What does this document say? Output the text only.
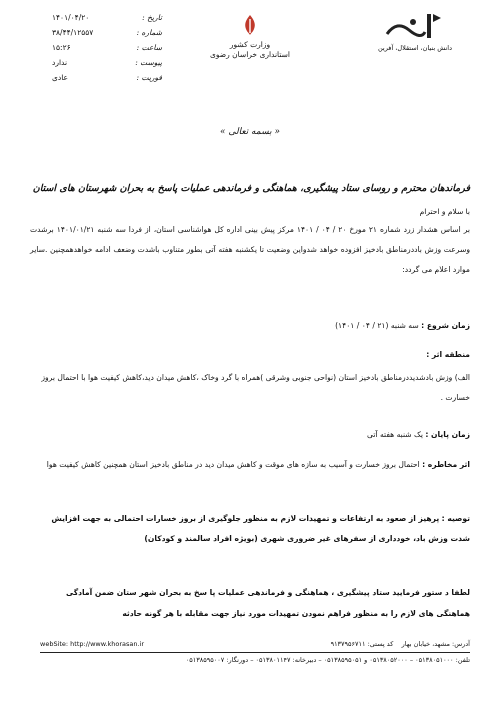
دانش بنیان، استقلال، آفرین
وزارت کشور
استانداری خراسان رضوی
تاریخ :
۱۴۰۱/۰۴/۲۰
شماره :
۳۸/۴۴/۱۲۵۵۷
ساعت :
۱۵:۲۶
پیوست :
ندارد
فوریت :
عادی
« بسمه تعالی »
فرماندهان محترم و روسای ستاد پیشگیری، هماهنگی و فرماندهی عملیات پاسخ به بحران شهرستان های استان
با سلام و احترام
بر اساس هشدار زرد شماره ۲۱ مورخ ۲۰ / ۰۴ / ۱۴۰۱ مرکز پیش بینی اداره کل هواشناسی استان، از فردا سه شنبه ۱۴۰۱/۰۱/۲۱ برشدت وسرعت وزش باددرمناطق بادخیز افزوده خواهد شدواین وضعیت تا یکشنبه هفته آتی بطور متناوب باشدت وضعف ادامه خواهدهمچنین .سایر موارد اعلام می گردد:
زمان شروع : سه شنبه (۲۱ / ۰۴ / ۱۴۰۱)
منطقه اثر :
الف) وزش بادشدیددرمناطق بادخیز استان (نواحی جنوبی وشرقی )همراه با گرد وخاک ،کاهش میدان دید،کاهش کیفیت هوا با احتمال بروز خسارت .
زمان پایان : یک شنبه هفته آتی
اثر مخاطره : احتمال بروز خسارت و آسیب به سازه های موقت و کاهش میدان دید در مناطق بادخیز استان همچنین کاهش کیفیت هوا
توصیه : پرهیز از صعود به ارتفاعات و تمهیدات لازم به منظور جلوگیری از بروز خسارات احتمالی به جهت افزایش شدت وزش باد، خودداری از سفرهای غیر ضروری شهری (بویژه افراد سالمند و کودکان)
لطفا د ستور فرمایید ستاد پیشگیری ، هماهنگی و فرماندهی عملیات پا سخ به بحران شهر ستان ضمن آمادگی هماهنگی های لازم را به منظور فراهم نمودن تمهیدات مورد نیاز جهت مقابله با هر گونه حادثه
webSite: http://www.khorasan.ir	آدرس: مشهد، خیابان بهار    کد پستی: ۹۱۳۷۹۵۶۷۱۱
تلفن: ۰۵۱۳۸۰۵۱۰۰۰ – ۰۵۱۳۸۰۵۲۰۰۰ و ۰۵۱۳۸۵۹۵۰۵۱ – دبیرخانه: ۰۵۱۳۸۰۱۱۴۷ – دورنگار: ۰۵۱۳۸۵۹۵۰۰۷
